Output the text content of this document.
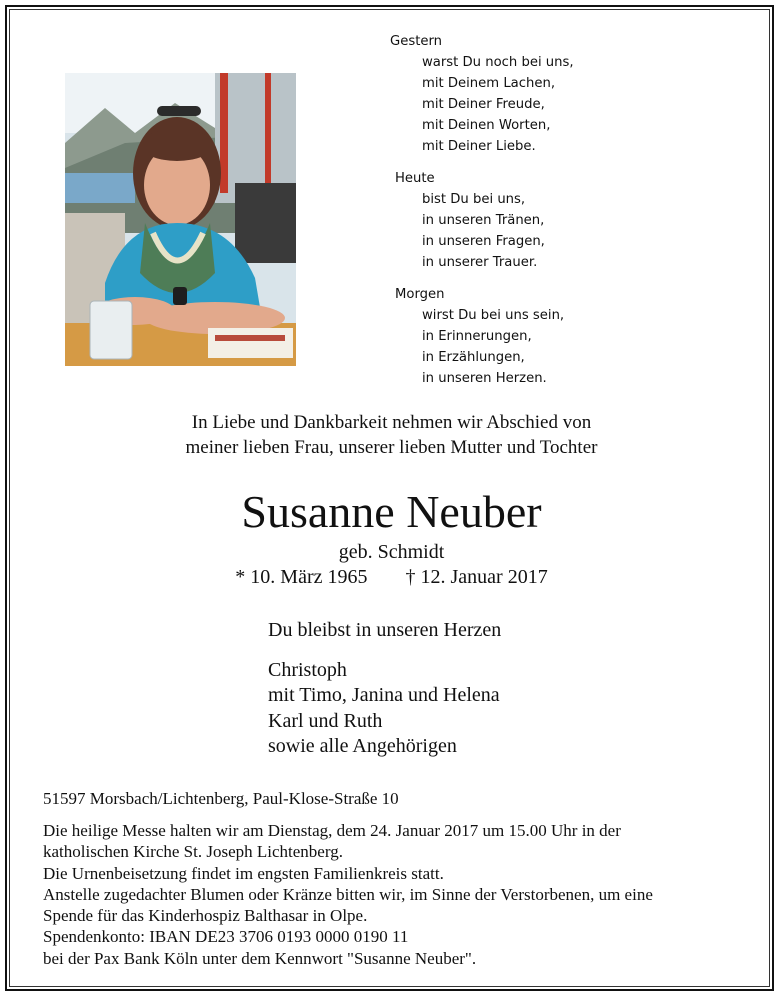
Gestern
warst Du noch bei uns,
mit Deinem Lachen,
mit Deiner Freude,
mit Deinen Worten,
mit Deiner Liebe.
Heute
bist Du bei uns,
in unseren Tränen,
in unseren Fragen,
in unserer Trauer.
Morgen
wirst Du bei uns sein,
in Erinnerungen,
in Erzählungen,
in unseren Herzen.
In Liebe und Dankbarkeit nehmen wir Abschied von
meiner lieben Frau, unserer lieben Mutter und Tochter
Susanne Neuber
geb. Schmidt
* 10. März 1965 † 12. Januar 2017
Du bleibst in unseren Herzen
Christoph
mit Timo, Janina und Helena
Karl und Ruth
sowie alle Angehörigen
51597 Morsbach/Lichtenberg, Paul-Klose-Straße 10
Die heilige Messe halten wir am Dienstag, dem 24. Januar 2017 um 15.00 Uhr in der
katholischen Kirche St. Joseph Lichtenberg.
Die Urnenbeisetzung findet im engsten Familienkreis statt.
Anstelle zugedachter Blumen oder Kränze bitten wir, im Sinne der Verstorbenen, um eine
Spende für das Kinderhospiz Balthasar in Olpe.
Spendenkonto: IBAN DE23 3706 0193 0000 0190 11
bei der Pax Bank Köln unter dem Kennwort "Susanne Neuber".
